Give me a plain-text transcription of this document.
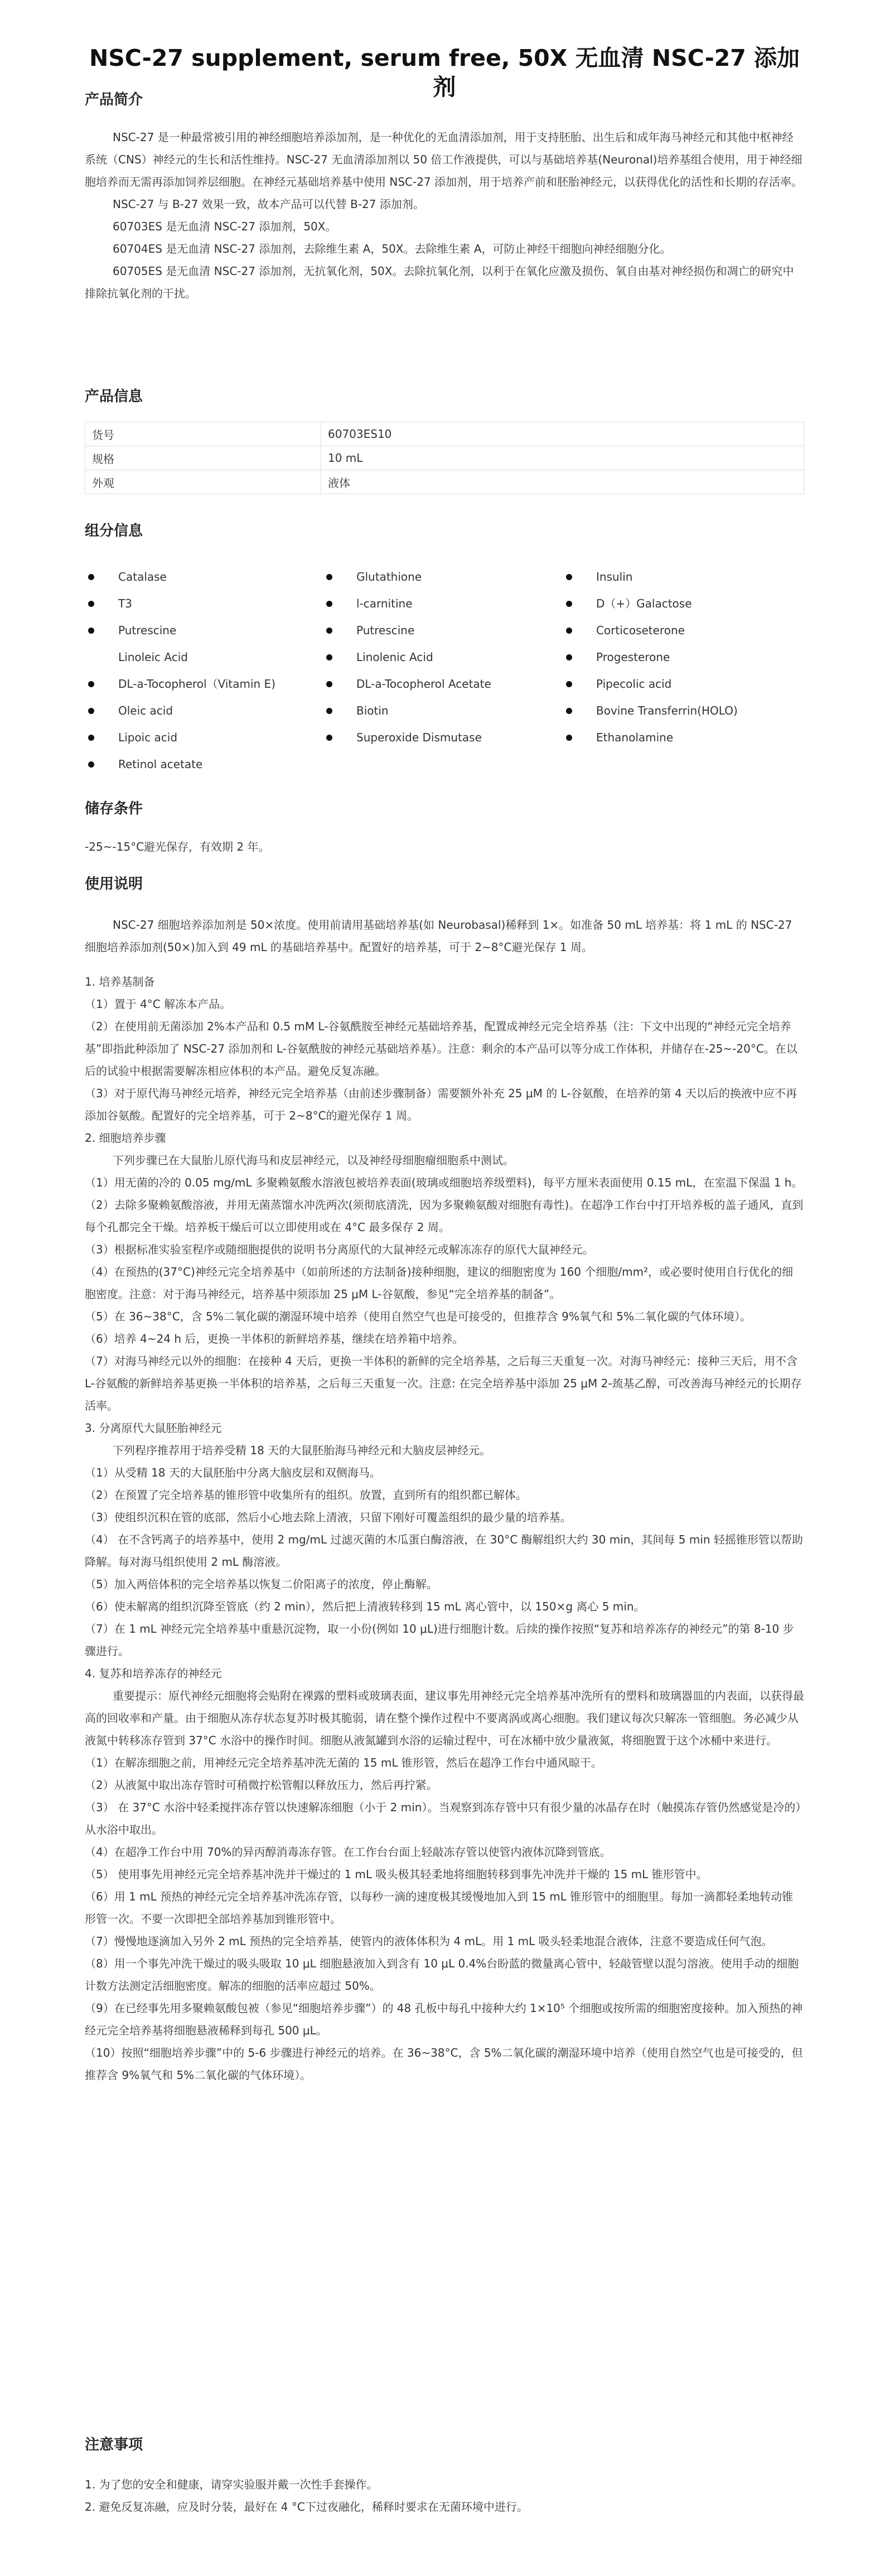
NSC-27 supplement, serum free, 50X 无血清 NSC-27 添加剂
产品简介

NSC-27 是一种最常被引用的神经细胞培养添加剂，是一种优化的无血清添加剂，用于支持胚胎、出生后和成年海马神经元和其他中枢神经系统（CNS）神经元的生长和活性维持。NSC-27 无血清添加剂以 50 倍工作液提供，可以与基础培养基(Neuronal)培养基组合使用，用于神经细胞培养而无需再添加饲养层细胞。在神经元基础培养基中使用 NSC-27 添加剂，用于培养产前和胚胎神经元，以获得优化的活性和长期的存活率。

NSC-27 与 B-27 效果一致，故本产品可以代替 B-27 添加剂。

60703ES 是无血清 NSC-27 添加剂，50X。

60704ES 是无血清 NSC-27 添加剂，去除维生素 A，50X。去除维生素 A，可防止神经干细胞向神经细胞分化。

60705ES 是无血清 NSC-27 添加剂，无抗氧化剂，50X。去除抗氧化剂，以利于在氧化应激及损伤、氧自由基对神经损伤和凋亡的研究中排除抗氧化剂的干扰。

产品信息
货号	60703ES10
规格	10 mL
外观	液体
组分信息
Catalase	Glutathione	Insulin
T3	l-carnitine	D（+）Galactose
Putrescine	Putrescine	Corticoseterone
Linoleic Acid	Linolenic Acid	Progesterone
DL-a-Tocopherol（Vitamin E)	DL-a-Tocopherol Acetate	Pipecolic acid
Oleic acid	Biotin	Bovine Transferrin(HOLO)
Lipoic acid	Superoxide Dismutase	Ethanolamine
Retinol acetate
储存条件

-25~-15°C避光保存，有效期 2 年。

使用说明

NSC-27 细胞培养添加剂是 50×浓度。使用前请用基础培养基(如 Neurobasal)稀释到 1×。如准备 50 mL 培养基：将 1 mL 的 NSC-27 细胞培养添加剂(50×)加入到 49 mL 的基础培养基中。配置好的培养基，可于 2~8°C避光保存 1 周。

1. 培养基制备

（1）置于 4°C 解冻本产品。

（2）在使用前无菌添加 2%本产品和 0.5 mM L-谷氨酰胺至神经元基础培养基，配置成神经元完全培养基（注：下文中出现的“神经元完全培养基”即指此种添加了 NSC-27 添加剂和 L-谷氨酰胺的神经元基础培养基）。注意：剩余的本产品可以等分成工作体积，并储存在-25~-20°C。在以后的试验中根据需要解冻相应体积的本产品。避免反复冻融。

（3）对于原代海马神经元培养，神经元完全培养基（由前述步骤制备）需要额外补充 25 μM 的 L-谷氨酸，在培养的第 4 天以后的换液中应不再添加谷氨酸。配置好的完全培养基，可于 2~8°C的避光保存 1 周。

2. 细胞培养步骤

下列步骤已在大鼠胎儿原代海马和皮层神经元，以及神经母细胞瘤细胞系中测试。

（1）用无菌的冷的 0.05 mg/mL 多聚赖氨酸水溶液包被培养表面(玻璃或细胞培养级塑料)，每平方厘米表面使用 0.15 mL，在室温下保温 1 h。

（2）去除多聚赖氨酸溶液，并用无菌蒸馏水冲洗两次(须彻底清洗，因为多聚赖氨酸对细胞有毒性)。在超净工作台中打开培养板的盖子通风，直到每个孔都完全干燥。培养板干燥后可以立即使用或在 4°C 最多保存 2 周。

（3）根据标准实验室程序或随细胞提供的说明书分离原代的大鼠神经元或解冻冻存的原代大鼠神经元。

（4）在预热的(37°C)神经元完全培养基中（如前所述的方法制备)接种细胞，建议的细胞密度为 160 个细胞/mm²，或必要时使用自行优化的细胞密度。注意：对于海马神经元，培养基中须添加 25 μM L-谷氨酸，参见“完全培养基的制备”。

（5）在 36~38°C，含 5%二氧化碳的潮湿环境中培养（使用自然空气也是可接受的，但推荐含 9%氧气和 5%二氧化碳的气体环境）。

（6）培养 4~24 h 后，更换一半体积的新鲜培养基，继续在培养箱中培养。

（7）对海马神经元以外的细胞：在接种 4 天后，更换一半体积的新鲜的完全培养基，之后每三天重复一次。对海马神经元：接种三天后，用不含 L-谷氨酸的新鲜培养基更换一半体积的培养基，之后每三天重复一次。注意: 在完全培养基中添加 25 μM 2-巯基乙醇，可改善海马神经元的长期存活率。

3. 分离原代大鼠胚胎神经元

下列程序推荐用于培养受精 18 天的大鼠胚胎海马神经元和大脑皮层神经元。

（1）从受精 18 天的大鼠胚胎中分离大脑皮层和双侧海马。

（2）在预置了完全培养基的锥形管中收集所有的组织。放置，直到所有的组织都已解体。

（3）使组织沉积在管的底部，然后小心地去除上清液，只留下刚好可覆盖组织的最少量的培养基。

（4） 在不含钙离子的培养基中，使用 2 mg/mL 过滤灭菌的木瓜蛋白酶溶液，在 30°C 酶解组织大约 30 min，其间每 5 min 轻摇锥形管以帮助降解。每对海马组织使用 2 mL 酶溶液。

（5）加入两倍体积的完全培养基以恢复二价阳离子的浓度，停止酶解。

（6）使未解离的组织沉降至管底（约 2 min），然后把上清液转移到 15 mL 离心管中，以 150×g 离心 5 min。

（7）在 1 mL 神经元完全培养基中重悬沉淀物，取一小份(例如 10 μL)进行细胞计数。后续的操作按照“复苏和培养冻存的神经元”的第 8-10 步骤进行。

4. 复苏和培养冻存的神经元

重要提示：原代神经元细胞将会贴附在裸露的塑料或玻璃表面，建议事先用神经元完全培养基冲洗所有的塑料和玻璃器皿的内表面，以获得最高的回收率和产量。由于细胞从冻存状态复苏时极其脆弱，请在整个操作过程中不要离涡或离心细胞。我们建议每次只解冻一管细胞。务必减少从液氮中转移冻存管到 37°C 水浴中的操作时间。细胞从液氮罐到水浴的运输过程中，可在冰桶中放少量液氮，将细胞置于这个冰桶中来进行。

（1）在解冻细胞之前，用神经元完全培养基冲洗无菌的 15 mL 锥形管，然后在超净工作台中通风晾干。

（2）从液氮中取出冻存管时可稍微拧松管帽以释放压力，然后再拧紧。

（3） 在 37°C 水浴中轻柔搅拌冻存管以快速解冻细胞（小于 2 min）。当观察到冻存管中只有很少量的冰晶存在时（触摸冻存管仍然感觉是冷的）从水浴中取出。

（4）在超净工作台中用 70%的异丙醇消毒冻存管。在工作台台面上轻敲冻存管以使管内液体沉降到管底。

（5） 使用事先用神经元完全培养基冲洗并干燥过的 1 mL 吸头极其轻柔地将细胞转移到事先冲洗并干燥的 15 mL 锥形管中。

（6）用 1 mL 预热的神经元完全培养基冲洗冻存管，以每秒一滴的速度极其缓慢地加入到 15 mL 锥形管中的细胞里。每加一滴都轻柔地转动锥形管一次。不要一次即把全部培养基加到锥形管中。

（7）慢慢地逐滴加入另外 2 mL 预热的完全培养基，使管内的液体体积为 4 mL。用 1 mL 吸头轻柔地混合液体，注意不要造成任何气泡。

（8）用一个事先冲洗干燥过的吸头吸取 10 μL 细胞悬液加入到含有 10 μL 0.4%台盼蓝的微量离心管中，轻敲管壁以混匀溶液。使用手动的细胞计数方法测定活细胞密度。解冻的细胞的活率应超过 50%。

（9）在已经事先用多聚赖氨酸包被（参见“细胞培养步骤”）的 48 孔板中每孔中接种大约 1×10⁵ 个细胞或按所需的细胞密度接种。加入预热的神经元完全培养基将细胞悬液稀释到每孔 500 μL。

（10）按照“细胞培养步骤”中的 5-6 步骤进行神经元的培养。在 36~38°C，含 5%二氧化碳的潮湿环境中培养（使用自然空气也是可接受的，但推荐含 9%氧气和 5%二氧化碳的气体环境）。

注意事项

1. 为了您的安全和健康，请穿实验服并戴一次性手套操作。

2. 避免反复冻融，应及时分装，最好在 4 °C下过夜融化，稀释时要求在无菌环境中进行。
